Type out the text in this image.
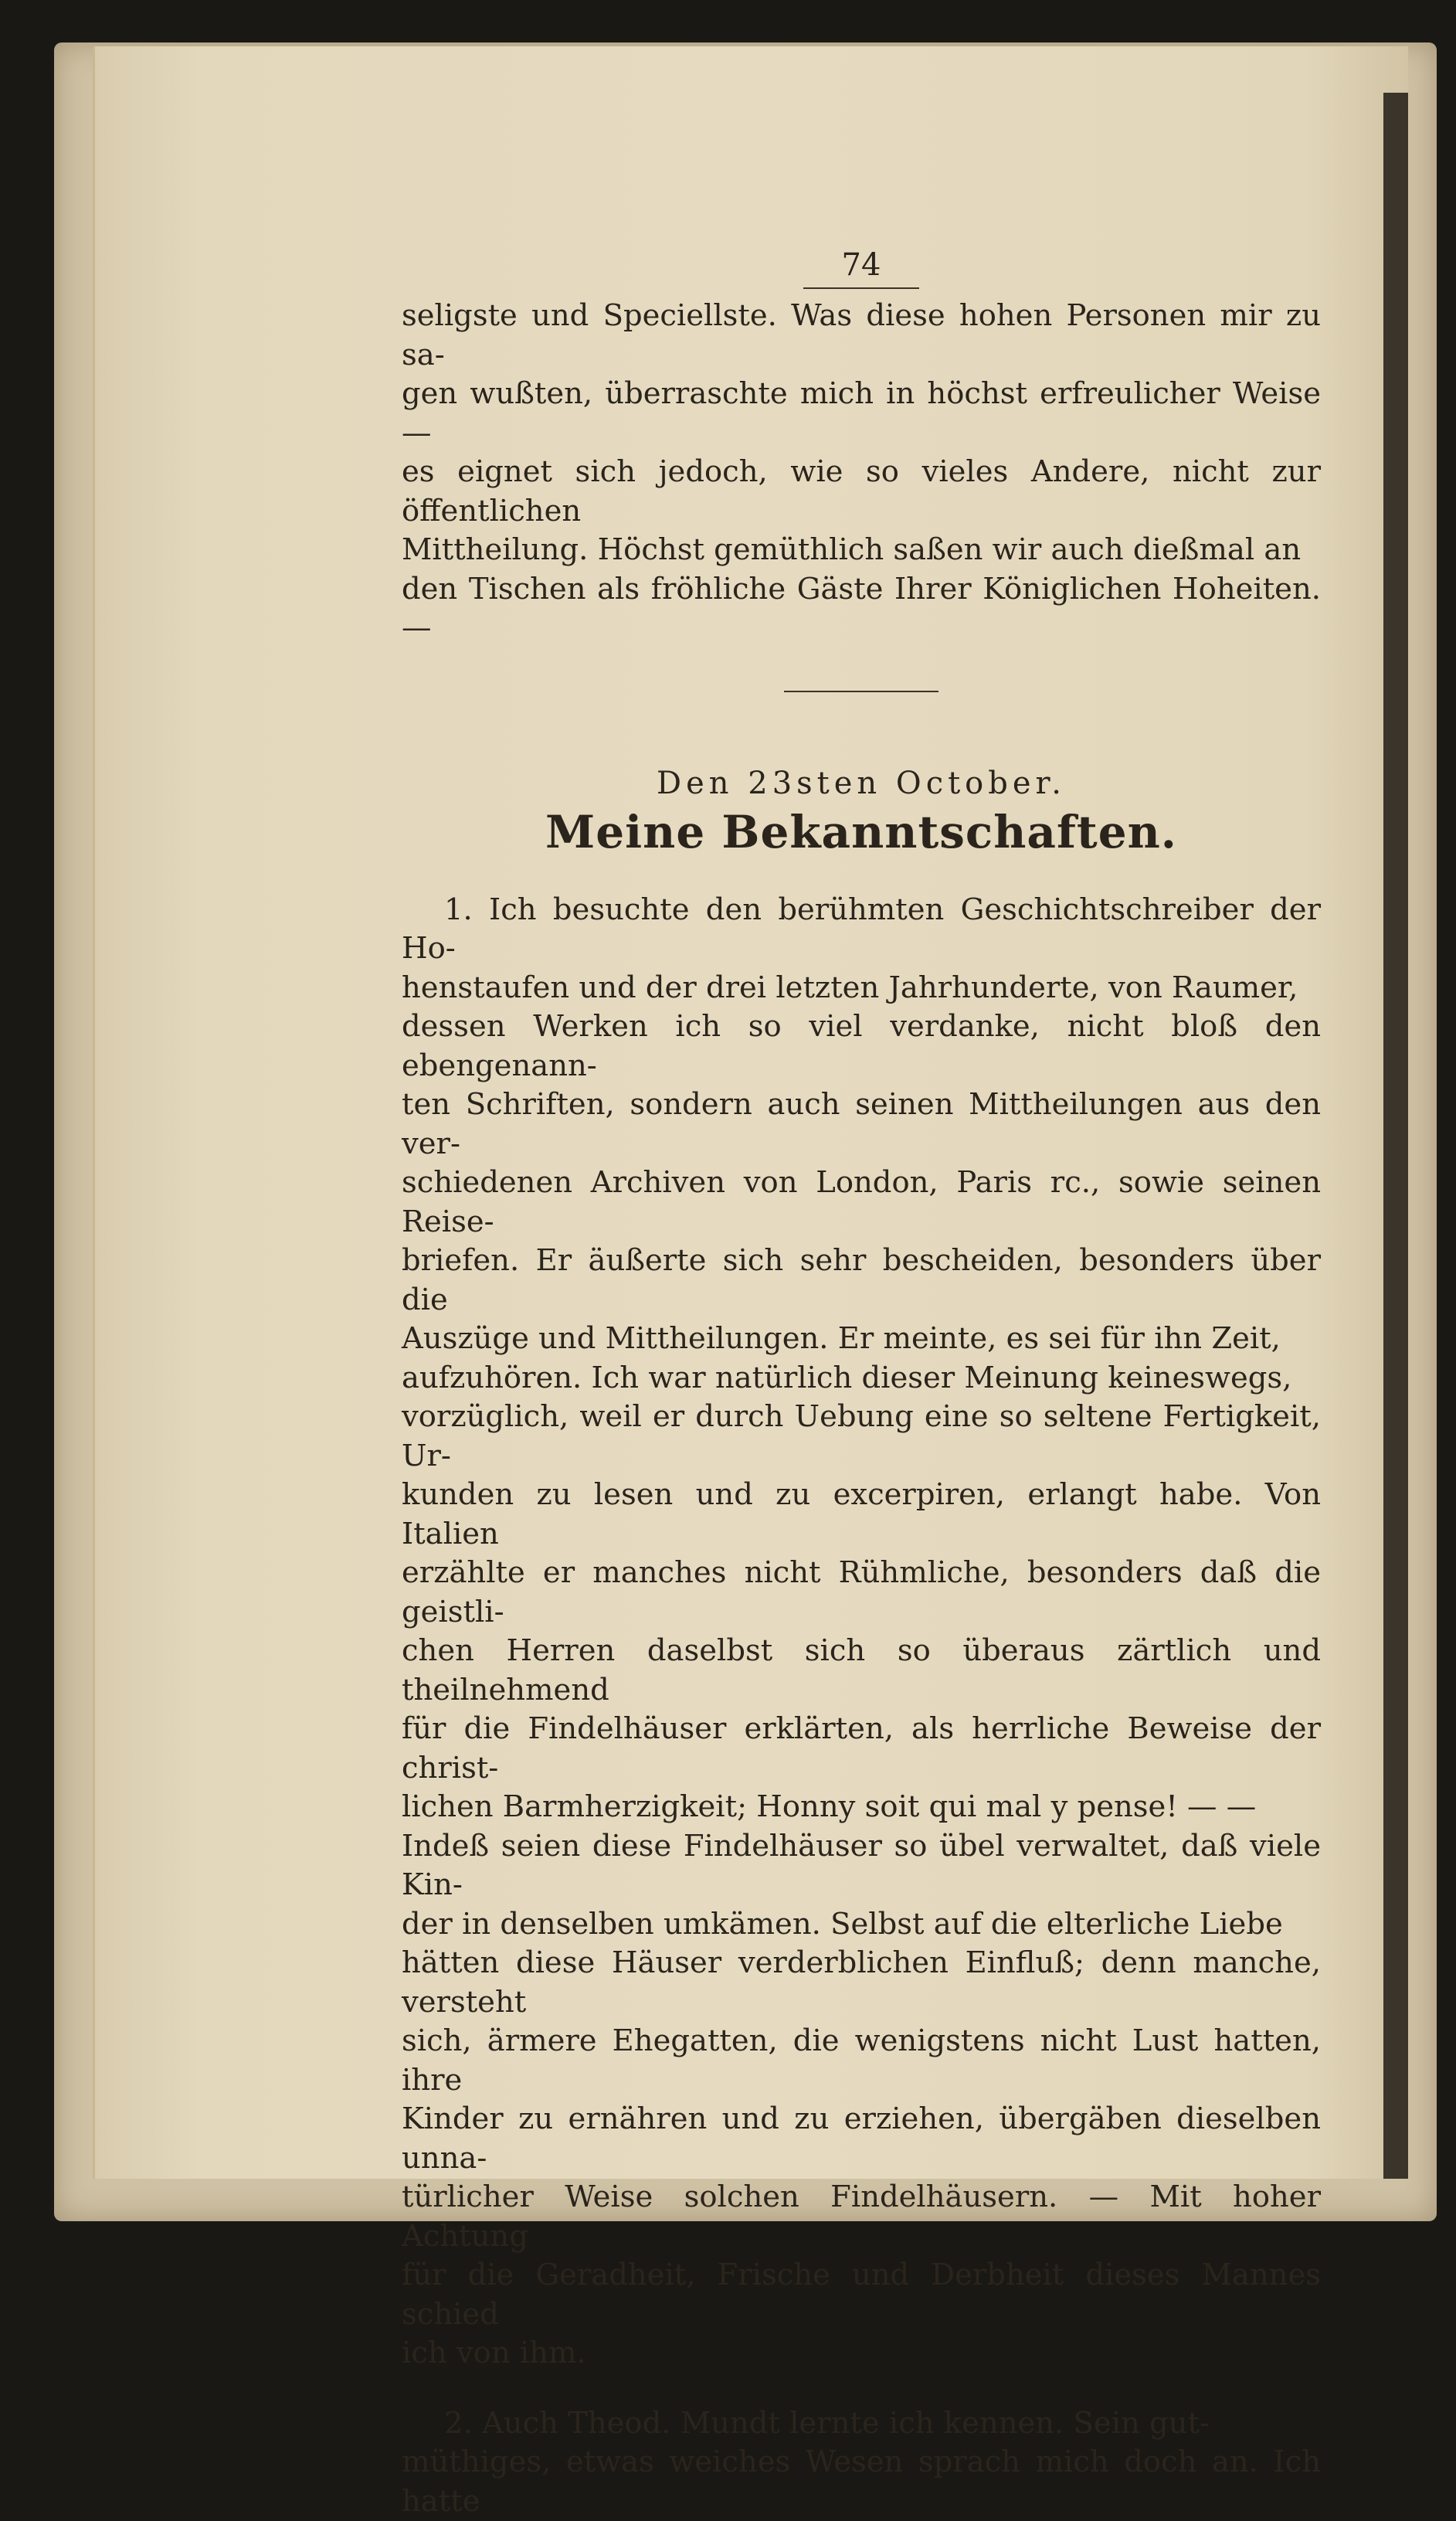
74

seligste und Speciellste. Was diese hohen Personen mir zu sa-
gen wußten, überraschte mich in höchst erfreulicher Weise —
es eignet sich jedoch, wie so vieles Andere, nicht zur öffentlichen
Mittheilung. Höchst gemüthlich saßen wir auch dießmal an
den Tischen als fröhliche Gäste Ihrer Königlichen Hoheiten. —

Den 23sten October.
Meine Bekanntschaften.

1. Ich besuchte den berühmten Geschichtschreiber der Ho-
henstaufen und der drei letzten Jahrhunderte, von Raumer,
dessen Werken ich so viel verdanke, nicht bloß den ebengenann-
ten Schriften, sondern auch seinen Mittheilungen aus den ver-
schiedenen Archiven von London, Paris rc., sowie seinen Reise-
briefen. Er äußerte sich sehr bescheiden, besonders über die
Auszüge und Mittheilungen. Er meinte, es sei für ihn Zeit,
aufzuhören. Ich war natürlich dieser Meinung keineswegs,
vorzüglich, weil er durch Uebung eine so seltene Fertigkeit, Ur-
kunden zu lesen und zu excerpiren, erlangt habe. Von Italien
erzählte er manches nicht Rühmliche, besonders daß die geistli-
chen Herren daselbst sich so überaus zärtlich und theilnehmend
für die Findelhäuser erklärten, als herrliche Beweise der christ-
lichen Barmherzigkeit; Honny soit qui mal y pense! — —
Indeß seien diese Findelhäuser so übel verwaltet, daß viele Kin-
der in denselben umkämen. Selbst auf die elterliche Liebe
hätten diese Häuser verderblichen Einfluß; denn manche, versteht
sich, ärmere Ehegatten, die wenigstens nicht Lust hatten, ihre
Kinder zu ernähren und zu erziehen, übergäben dieselben unna-
türlicher Weise solchen Findelhäusern. — Mit hoher Achtung
für die Geradheit, Frische und Derbheit dieses Mannes schied
ich von ihm.

2. Auch Theod. Mundt lernte ich kennen. Sein gut-
müthiges, etwas weiches Wesen sprach mich doch an. Ich hatte
